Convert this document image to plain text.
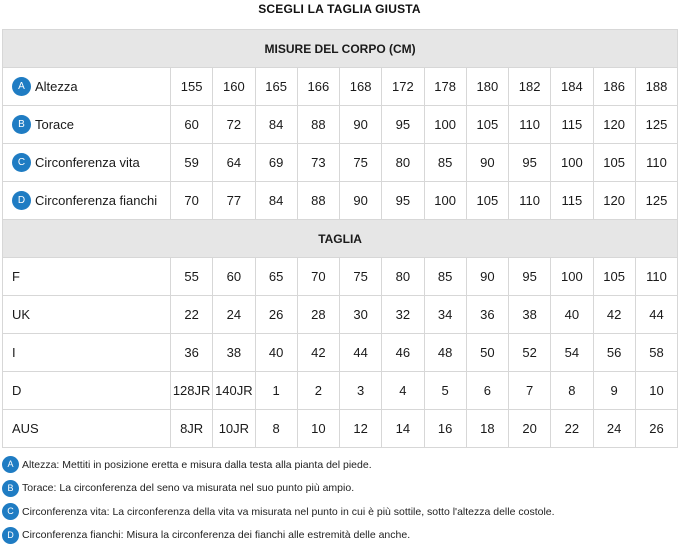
SCEGLI LA TAGLIA GIUSTA
MISURE DEL CORPO (CM)												
A Altezza	155	160	165	166	168	172	178	180	182	184	186	188
B Torace	60	72	84	88	90	95	100	105	110	115	120	125
C Circonferenza vita	59	64	69	73	75	80	85	90	95	100	105	110
D Circonferenza fianchi	70	77	84	88	90	95	100	105	110	115	120	125
TAGLIA												
F	55	60	65	70	75	80	85	90	95	100	105	110
UK	22	24	26	28	30	32	34	36	38	40	42	44
I	36	38	40	42	44	46	48	50	52	54	56	58
D	128JR	140JR	1	2	3	4	5	6	7	8	9	10
AUS	8JR	10JR	8	10	12	14	16	18	20	22	24	26
A Altezza: Mettiti in posizione eretta e misura dalla testa alla pianta del piede.
B Torace: La circonferenza del seno va misurata nel suo punto più ampio.
C Circonferenza vita: La circonferenza della vita va misurata nel punto in cui è più sottile, sotto l'altezza delle costole.
D Circonferenza fianchi: Misura la circonferenza dei fianchi alle estremità delle anche.
